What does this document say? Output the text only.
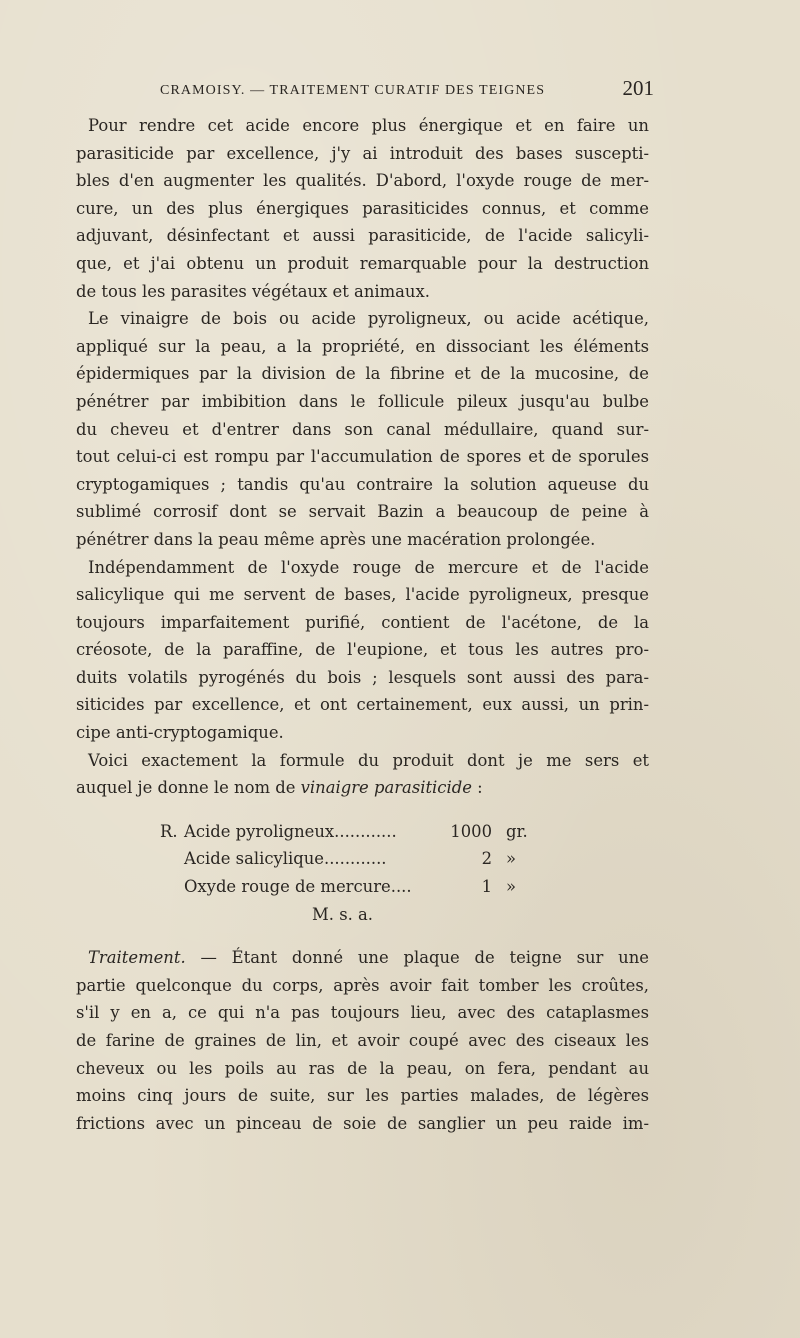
CRAMOISY. — TRAITEMENT CURATIF DES TEIGNES	201
Pour rendre cet acide encore plus énergique et en faire un
parasiticide par excellence, j'y ai introduit des bases suscepti-
bles d'en augmenter les qualités. D'abord, l'oxyde rouge de mer-
cure, un des plus énergiques parasiticides connus, et comme
adjuvant, désinfectant et aussi parasiticide, de l'acide salicyli-
que, et j'ai obtenu un produit remarquable pour la destruction
de tous les parasites végétaux et animaux.
Le vinaigre de bois ou acide pyroligneux, ou acide acétique,
appliqué sur la peau, a la propriété, en dissociant les éléments
épidermiques par la division de la fibrine et de la mucosine, de
pénétrer par imbibition dans le follicule pileux jusqu'au bulbe
du cheveu et d'entrer dans son canal médullaire, quand sur-
tout celui-ci est rompu par l'accumulation de spores et de sporules
cryptogamiques ; tandis qu'au contraire la solution aqueuse du
sublimé corrosif dont se servait Bazin a beaucoup de peine à
pénétrer dans la peau même après une macération prolongée.
Indépendamment de l'oxyde rouge de mercure et de l'acide
salicylique qui me servent de bases, l'acide pyroligneux, presque
toujours imparfaitement purifié, contient de l'acétone, de la
créosote, de la paraffine, de l'eupione, et tous les autres pro-
duits volatils pyrogénés du bois ; lesquels sont aussi des para-
siticides par excellence, et ont certainement, eux aussi, un prin-
cipe anti-cryptogamique.
Voici exactement la formule du produit dont je me sers et
auquel je donne le nom de vinaigre parasiticide :
R. Acide pyroligneux............	1000 gr.
Acide salicylique............	2 »
Oxyde rouge de mercure....	1 »
M. s. a.
Traitement. — Étant donné une plaque de teigne sur une
partie quelconque du corps, après avoir fait tomber les croûtes,
s'il y en a, ce qui n'a pas toujours lieu, avec des cataplasmes
de farine de graines de lin, et avoir coupé avec des ciseaux les
cheveux ou les poils au ras de la peau, on fera, pendant au
moins cinq jours de suite, sur les parties malades, de légères
frictions avec un pinceau de soie de sanglier un peu raide im-
